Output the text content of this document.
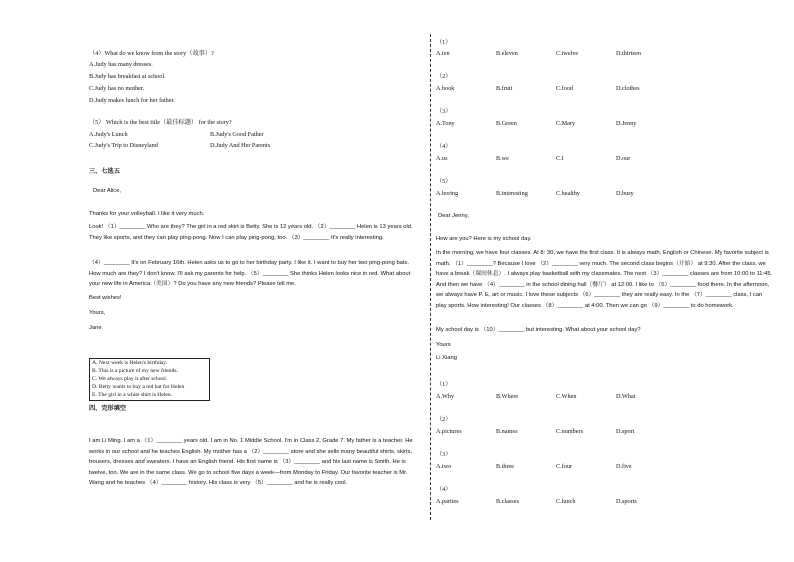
（4）What do we know from the story（故事）?
A.Judy has many dresses.
B.Judy has breakfast at school.
C.Judy has no mother.
D.Judy makes lunch for her father.
（5） Which is the best title（最佳标题） for the story?
A.Judy's Lunch	B.Judy's Good Father
C.Judy's Trip to Disneyland	D.Judy And Her Parents
三、七选五
Dear Alice,
Thanks for your volleyball. I like it very much.
Look! （1）________ Who are they? The girl in a red skirt is Betty. She is 12 years old. （2）________ Helen is 13 years old. They like sports, and they can play ping-pong. Now I can play ping-pong, too. （3）________ It's really interesting.
（4）________ It's on February 16th. Helen asks us to go to her birthday party. I like it. I want to buy her two ping-pong bats. How much are they? I don't know. I'll ask my parents for help. （5）________ She thinks Helen looks nice in red. What about your new life in America（美国）? Do you have any new friends? Please tell me.
Best wishes!
Yours,
Jane
A. Next week is Helen's birthday.
B. This is a picture of my new friends.
C. We always play it after school.
D. Betty wants to buy a red hat for Helen
E. The girl in a white shirt is Helen.
四、完形填空
I am Li Ming. I am a （1）________ years old. I am in No. 1 Middle School. I'm in Class 2, Grade 7. My father is a teacher. He works in our school and he teaches English. My mother has a （2）________ store and she sells many beautiful shirts, skirts, trousers, dresses and sweaters. I have an English friend. His first name is （3）________ and his last name is Smith. He is twelve, too. We are in the same class. We go to school five days a week—from Monday to Friday. Our favorite teacher is Mr. Wang and he teaches （4）________ history. His class is very （5）________ and he is really cool.
（1）
A.ten	B.eleven	C.twelve	D.thirteen
（2）
A.book	B.fruit	C.food	D.clothes
（3）
A.Tony	B.Green	C.Mary	D.Jenny
（4）
A.us	B.we	C.I	D.our
（5）
A.boring	B.interesting	C.healthy	D.busy
Dear Jenny,
How are you? Here is my school day.
In the morning, we have four classes. At 8: 30, we have the first class. It is always math, English or Chinese. My favorite subject is math. （1）________? Because I love （2）________ very much. The second class begins（开始） at 9:30. After the class, we have a break（课间休息）. I always play basketball with my classmates. The next （3）________ classes are from 10:00 to 11:45. And then we have （4）________ in the school dining hall（餐厅） at 12:00. I like to （5）________ food there. In the afternoon, we always have P. E, art or music. I love these subjects （6）________ they are really easy. In the （7）________ class, I can play sports. How interesting! Our classes （8）________ at 4:00. Then we can go （9）________ to do homework.
My school day is （10）________ but interesting. What about your school day?
Yours
Li Xiang
（1）
A.Why	B.Where	C.When	D.What
（2）
A.pictures	B.names	C.numbers	D.sport
（3）
A.two	B.three	C.four	D.five
（4）
A.parties	B.classes	C.lunch	D.sports
